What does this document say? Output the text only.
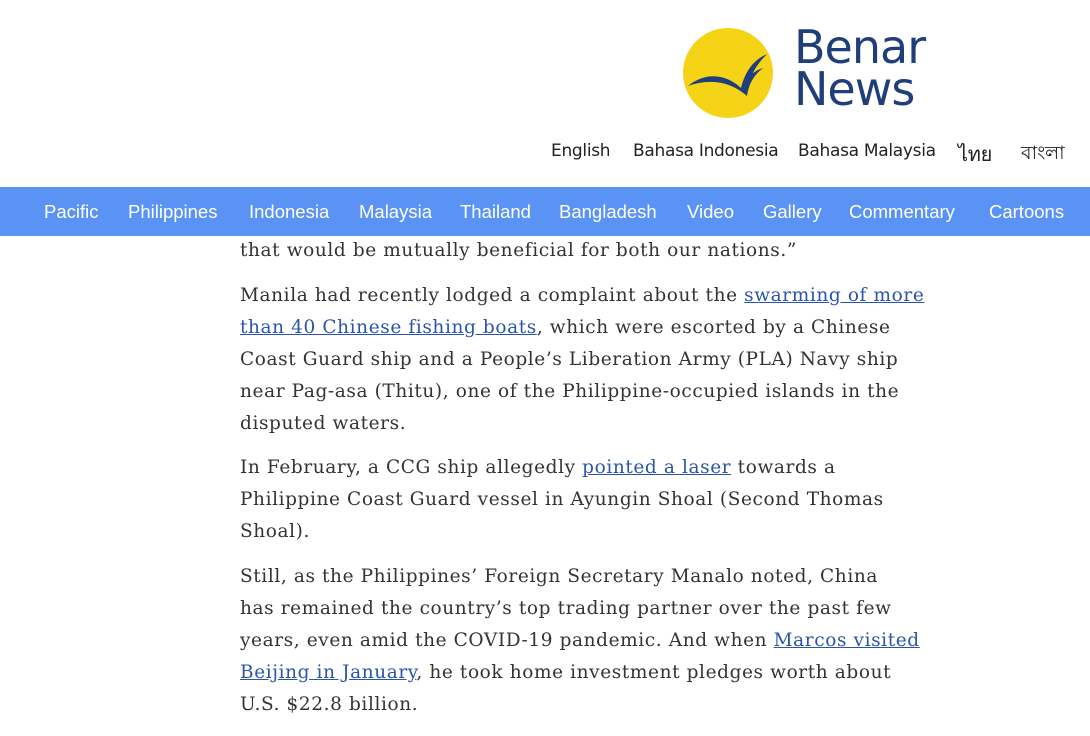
Benar
News
English Bahasa Indonesia Bahasa Malaysia ไทย বাংলা
Pacific Philippines Indonesia Malaysia Thailand Bangladesh Video Gallery Commentary Cartoons

that would be mutually beneficial for both our nations.”

Manila had recently lodged a complaint about the swarming of more
than 40 Chinese fishing boats, which were escorted by a Chinese
Coast Guard ship and a People’s Liberation Army (PLA) Navy ship
near Pag-asa (Thitu), one of the Philippine-occupied islands in the
disputed waters.

In February, a CCG ship allegedly pointed a laser towards a
Philippine Coast Guard vessel in Ayungin Shoal (Second Thomas
Shoal).

Still, as the Philippines’ Foreign Secretary Manalo noted, China
has remained the country’s top trading partner over the past few
years, even amid the COVID-19 pandemic. And when Marcos visited
Beijing in January, he took home investment pledges worth about
U.S. $22.8 billion.
